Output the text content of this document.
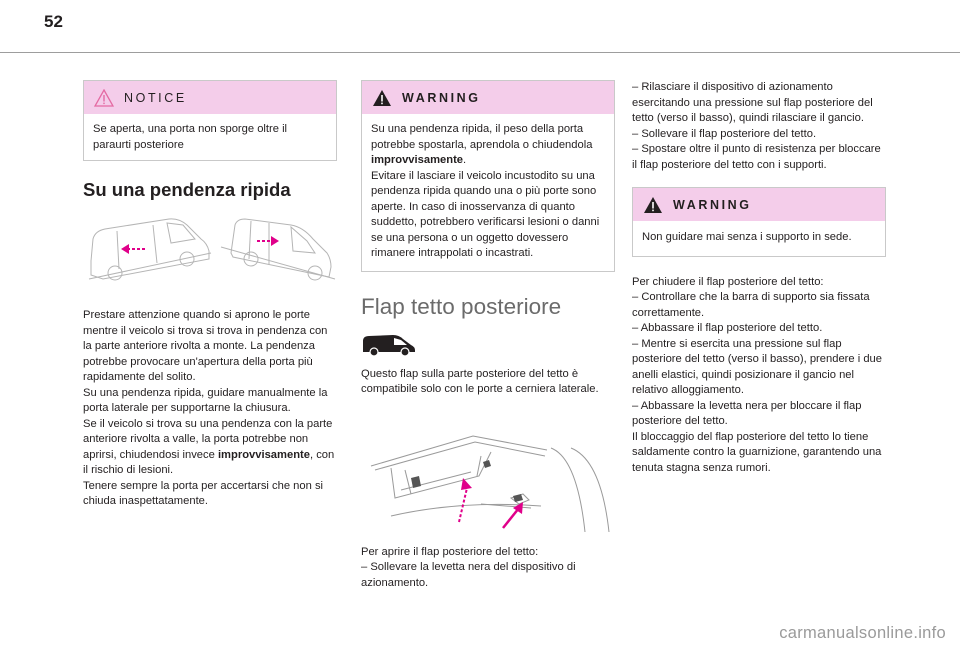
52
NOTICE
Se aperta, una porta non sporge oltre il paraurti posteriore
Su una pendenza ripida

Prestare attenzione quando si aprono le porte mentre il veicolo si trova si trova in pendenza con la parte anteriore rivolta a monte. La pendenza potrebbe provocare un'apertura della porta più rapidamente del solito.

Su una pendenza ripida, guidare manualmente la porta laterale per supportarne la chiusura.

Se il veicolo si trova su una pendenza con la parte anteriore rivolta a valle, la porta potrebbe non aprirsi, chiudendosi invece improvvisamente, con il rischio di lesioni.

Tenere sempre la porta per accertarsi che non si chiuda inaspettatamente.

WARNING
Su una pendenza ripida, il peso della porta potrebbe spostarla, aprendola o chiudendola improvvisamente.
Evitare il lasciare il veicolo incustodito su una pendenza ripida quando una o più porte sono aperte. In caso di inosservanza di quanto suddetto, potrebbero verificarsi lesioni o danni se una persona o un oggetto dovessero rimanere intrappolati o incastrati.
Flap tetto posteriore
Questo flap sulla parte posteriore del tetto è compatibile solo con le porte a cerniera laterale.

Per aprire il flap posteriore del tetto:

– Sollevare la levetta nera del dispositivo di azionamento.

– Rilasciare il dispositivo di azionamento esercitando una pressione sul flap posteriore del tetto (verso il basso), quindi rilasciare il gancio.

– Sollevare il flap posteriore del tetto.

– Spostare oltre il punto di resistenza per bloccare il flap posteriore del tetto con i supporti.

WARNING
Non guidare mai senza i supporto in sede.

Per chiudere il flap posteriore del tetto:

– Controllare che la barra di supporto sia fissata correttamente.

– Abbassare il flap posteriore del tetto.

– Mentre si esercita una pressione sul flap posteriore del tetto (verso il basso), prendere i due anelli elastici, quindi posizionare il gancio nel relativo alloggiamento.

– Abbassare la levetta nera per bloccare il flap posteriore del tetto.

Il bloccaggio del flap posteriore del tetto lo tiene saldamente contro la guarnizione, garantendo una tenuta stagna senza rumori.

carmanualsonline.info
